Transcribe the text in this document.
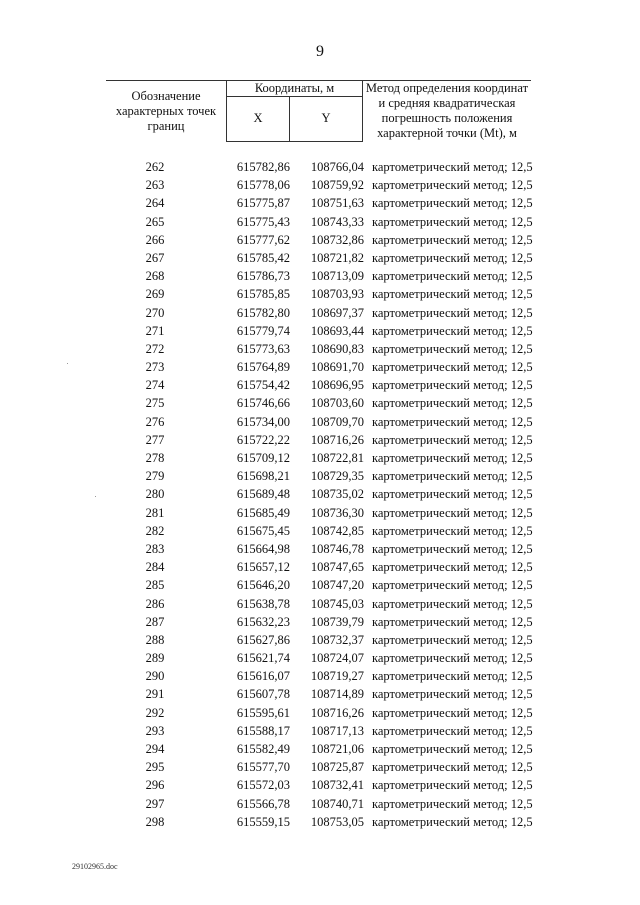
9
Обозначение характерных точек границ	Координаты, м		Метод определения координат и средняя квадратическая погрешность положения характерной точки (Mt), м
	X	Y	
262	615782,86	108766,04 картометрический метод; 12,5
263	615778,06	108759,92 картометрический метод; 12,5
264	615775,87	108751,63 картометрический метод; 12,5
265	615775,43	108743,33 картометрический метод; 12,5
266	615777,62	108732,86 картометрический метод; 12,5
267	615785,42	108721,82 картометрический метод; 12,5
268	615786,73	108713,09 картометрический метод; 12,5
269	615785,85	108703,93 картометрический метод; 12,5
270	615782,80	108697,37 картометрический метод; 12,5
271	615779,74	108693,44 картометрический метод; 12,5
272	615773,63	108690,83 картометрический метод; 12,5
273	615764,89	108691,70 картометрический метод; 12,5
274	615754,42	108696,95 картометрический метод; 12,5
275	615746,66	108703,60 картометрический метод; 12,5
276	615734,00	108709,70 картометрический метод; 12,5
277	615722,22	108716,26 картометрический метод; 12,5
278	615709,12	108722,81 картометрический метод; 12,5
279	615698,21	108729,35 картометрический метод; 12,5
280	615689,48	108735,02 картометрический метод; 12,5
281	615685,49	108736,30 картометрический метод; 12,5
282	615675,45	108742,85 картометрический метод; 12,5
283	615664,98	108746,78 картометрический метод; 12,5
284	615657,12	108747,65 картометрический метод; 12,5
285	615646,20	108747,20 картометрический метод; 12,5
286	615638,78	108745,03 картометрический метод; 12,5
287	615632,23	108739,79 картометрический метод; 12,5
288	615627,86	108732,37 картометрический метод; 12,5
289	615621,74	108724,07 картометрический метод; 12,5
290	615616,07	108719,27 картометрический метод; 12,5
291	615607,78	108714,89 картометрический метод; 12,5
292	615595,61	108716,26 картометрический метод; 12,5
293	615588,17	108717,13 картометрический метод; 12,5
294	615582,49	108721,06 картометрический метод; 12,5
295	615577,70	108725,87 картометрический метод; 12,5
296	615572,03	108732,41 картометрический метод; 12,5
297	615566,78	108740,71 картометрический метод; 12,5
298	615559,15	108753,05 картометрический метод; 12,5
29102965.doc
